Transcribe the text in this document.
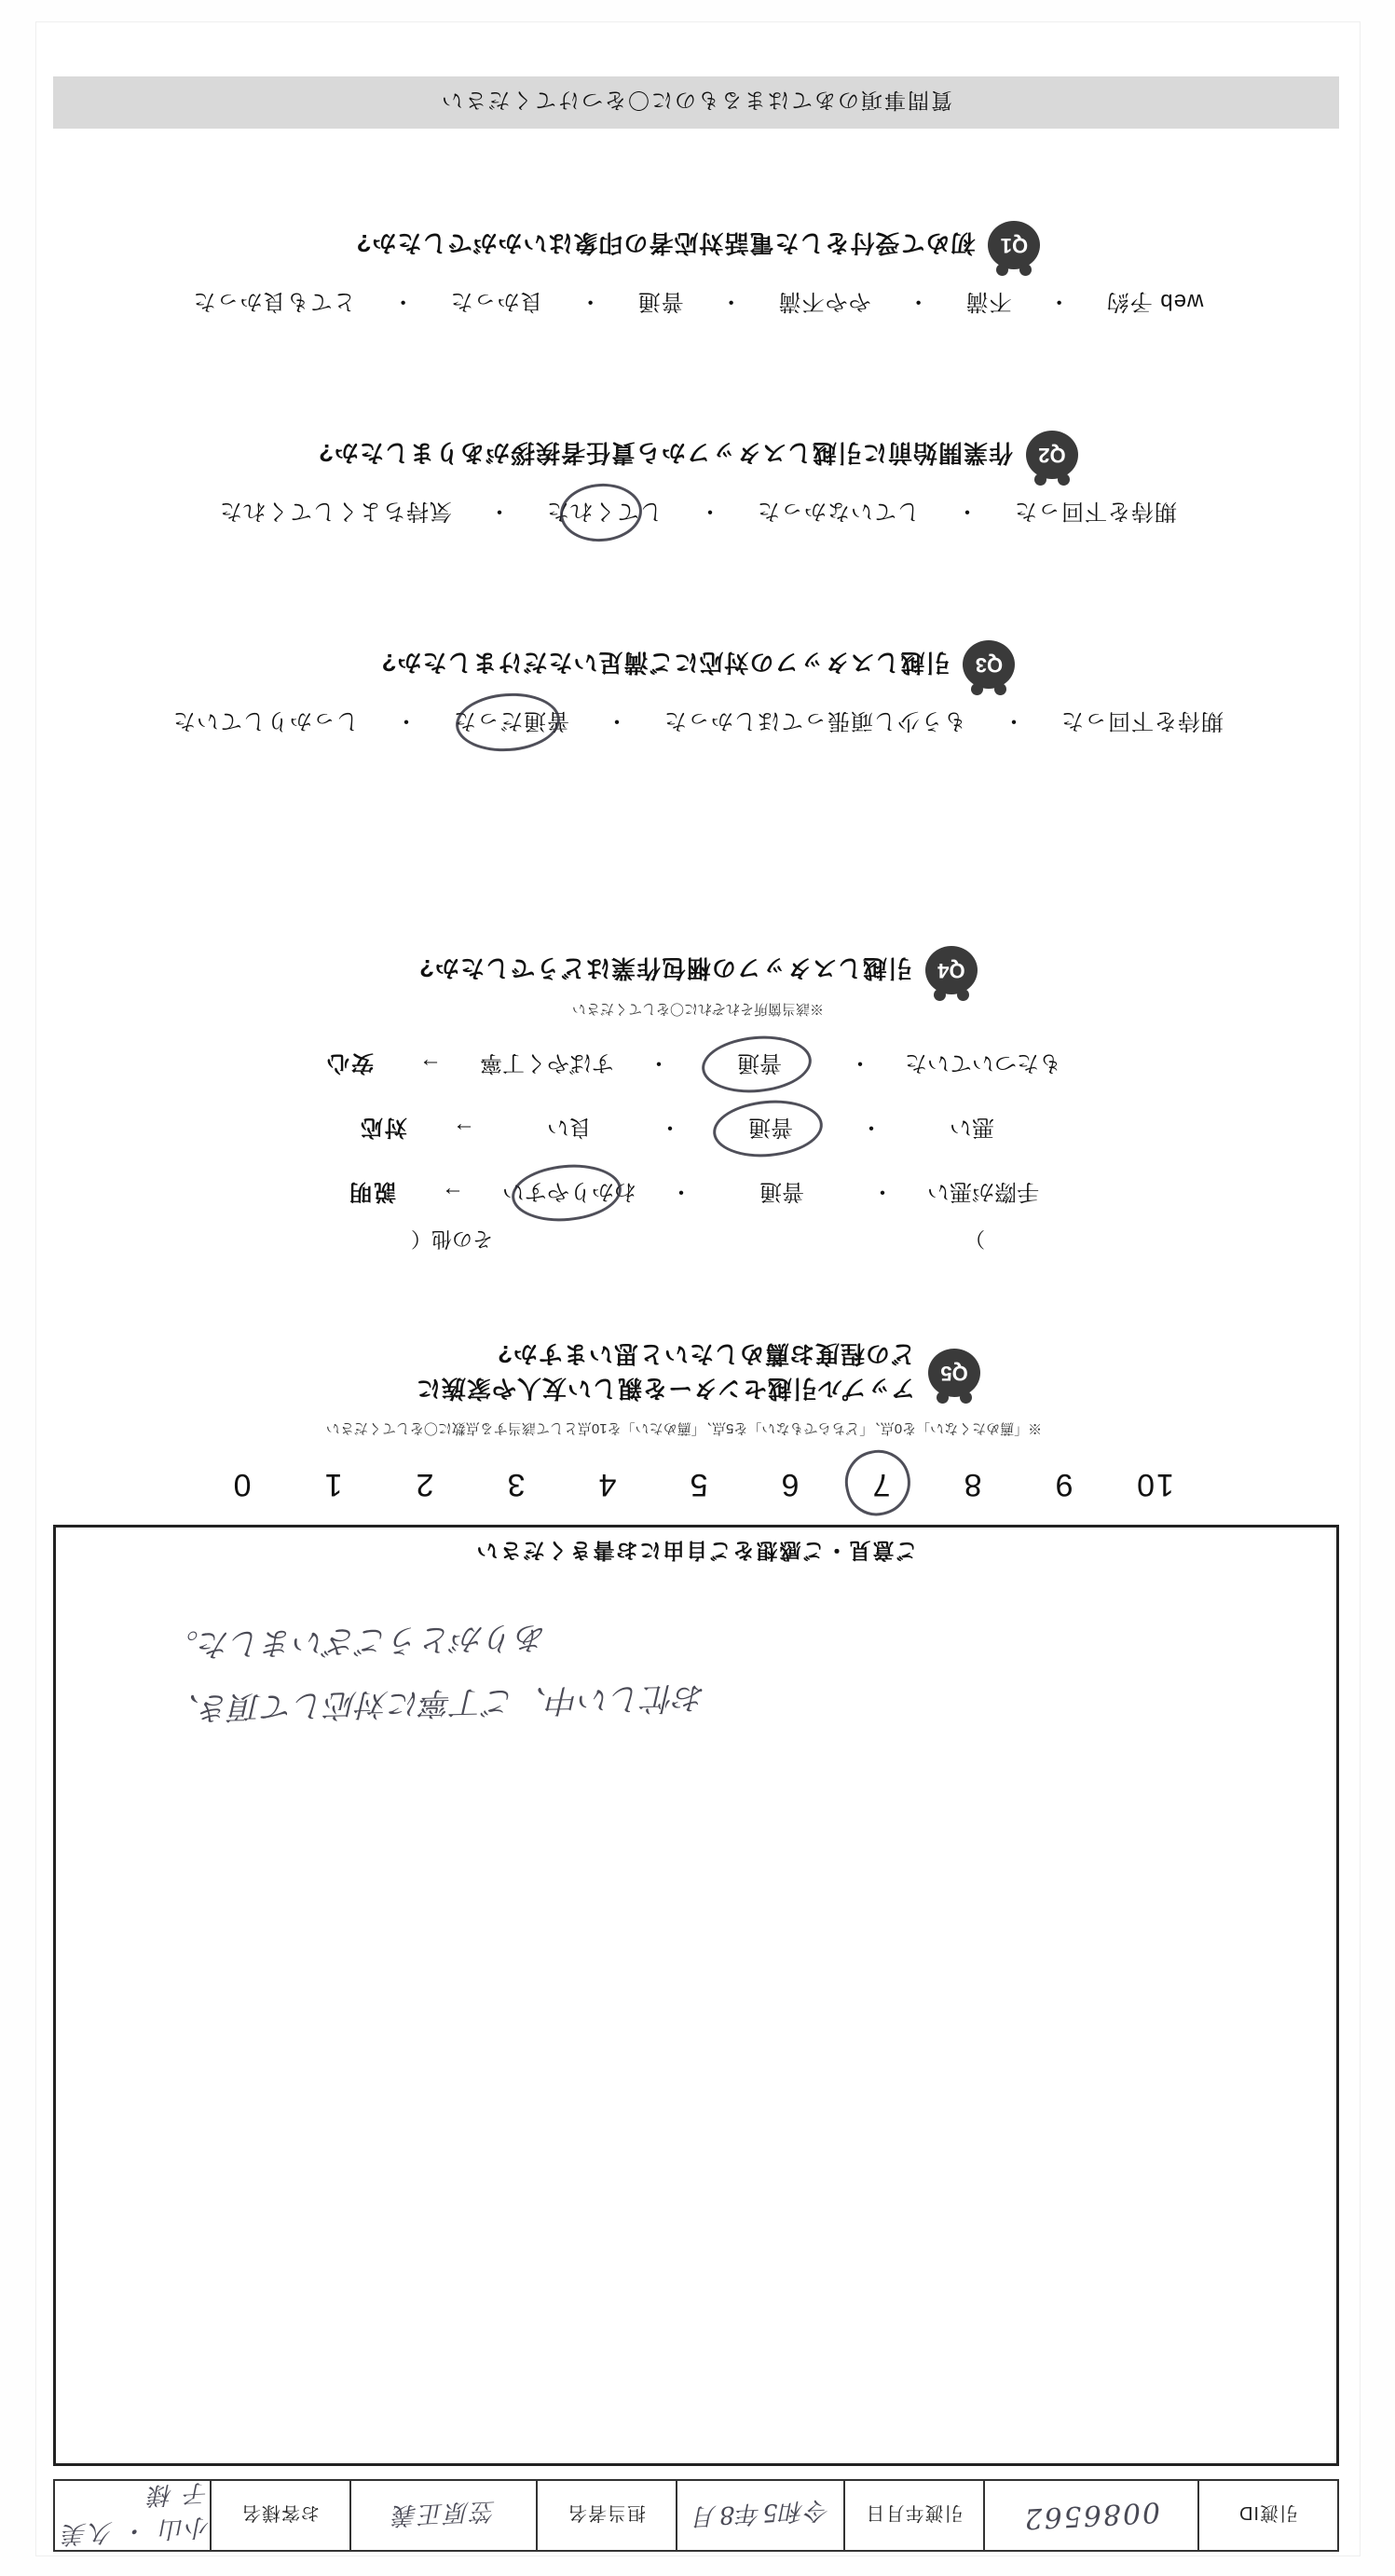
引渡ID
0086562
引渡年月日
令和5年8月
担当者名
笠原正義
お客様名
小山 ・ 久美子 様
お忙しい中、ご丁寧に対応して頂き、
ありがとうございました。
ご意見・ご感想をご自由にお書きください
10
9
8
7
6
5
4
3
2
1
0
※「薦めたくない」を0点、「どちらでもない」を5点、「薦めたい」を10点として該当する点数に〇をしてください
Q5
アップル引越センターを親しい友人や家族に
どの程度お薦めしたいと思いますか?
）
その他（
手際が悪い
・
普通
・
わかりやすい
→
説明
悪い
・
普通
・
良い
→
対応
もたついていた
・
普通
・
すばやく丁寧
→
安心
※該当箇所それぞれに〇をしてください
Q4
引越しスタッフの梱包作業はどうでしたか?
期待を下回った
・
もう少し頑張ってほしかった
・
普通だった
・
しっかりしていた
Q3
引越しスタッフの対応にご満足いただけましたか?
期待を下回った
・
していなかった
・
してくれた
・
気持ちよくしてくれた
Q2
作業開始前に引越しスタッフから責任者挨拶がありましたか?
web 予約
・
不満
・
やや不満
・
普通
・
良かった
・
とても良かった
Q1
初めて受付をした電話対応者の印象はいかがでしたか?
質問事項のあてはまるものに〇をつけてください
